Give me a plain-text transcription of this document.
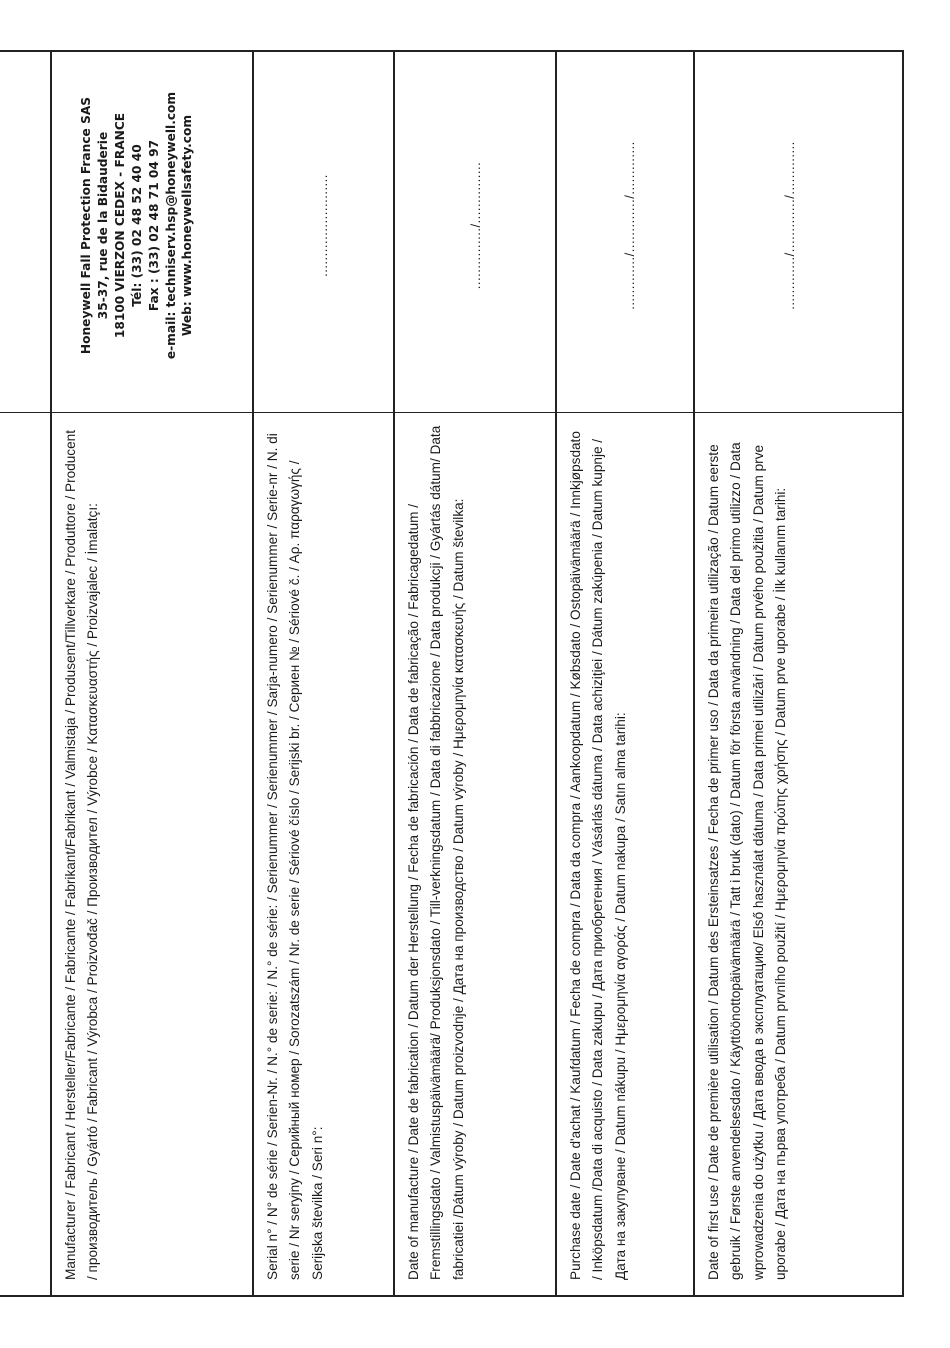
Manufacturer / Fabricant / Hersteller/Fabricante / Fabricante / Fabrikant/Fabrikant / Valmistaja / Produsent/Tillverkare / Produttore / Producent / производитель / Gyártó / Fabricant / Výrobca / Proizvođač / Производител / Výrobce / Κατασκευαστής / Proizvajalec / İmalatçı:
Honeywell Fall Protection France SAS 35-37, rue de la Bidauderie 18100 VIERZON CEDEX - FRANCE Tél: (33) 02 48 52 40 40 Fax : (33) 02 48 71 04 97 e-mail: techniserv.hsp@honeywell.com Web: www.honeywellsafety.com
Serial n° / N° de série / Serien-Nr. / N.° de serie: / N.° de série: / Serienummer / Serienummer / Sarja-numero / Serienummer / Serie-nr / N. di serie / Nr seryjny / Серийный номер / Sorozatszám / Nr. de serie / Sériové číslo / Serijski br. / Сериен № / Sériové č. / Αρ. παραγωγής / Serijska številka / Seri n°:
.........................
Date of manufacture / Date de fabrication / Datum der Herstellung / Fecha de fabricación / Data de fabricação / Fabricagedatum / Fremstillingsdato / Valmistuspäivämäärä/ Produksjonsdato / Till-verkningsdatum / Data di fabbricazione / Data produkcji / Gyártás dátum/ Data fabricatiei /Dátum výroby / Datum proizvodnje / Дата на производство / Datum výroby / Ημερομηνία κατασκευής / Datum številka:
.............../...............
Purchase date / Date d'achat / Kaufdatum / Fecha de compra / Data da compra / Aankoopdatum / Købsdato / Ostopäivämäärä / Innkjøpsdato / Inköpsdatum /Data di acquisto / Data zakupu / Дата приобретения / Vásárlás dátuma / Data achiziţiei / Dátum zakúpenia / Datum kupnje / Дата на закупуване / Datum nákupu / Ημερομηνία αγοράς / Datum nakupa / Satın alma tarihi:
............./............./.............
Date of first use / Date de première utilisation / Datum des Ersteinsatzes / Fecha de primer uso / Data da primeira utilização / Datum eerste gebruik / Første anvendelsesdato / Käyttöönottopäivämäärä / Tatt i bruk (dato) / Datum för första användning / Data del primo utilizzo / Data wprowadzenia do użytku / Дата ввода в эксплуатацию/ Első használat dátuma / Data primei utilizări / Dátum prvého použitia / Datum prve uporabe / Дата на първа употреба / Datum prvního použití / Ημερομηνία πρώτης χρήσης / Datum prve uporabe / İlk kullanım tarihi:
............./............./.............
